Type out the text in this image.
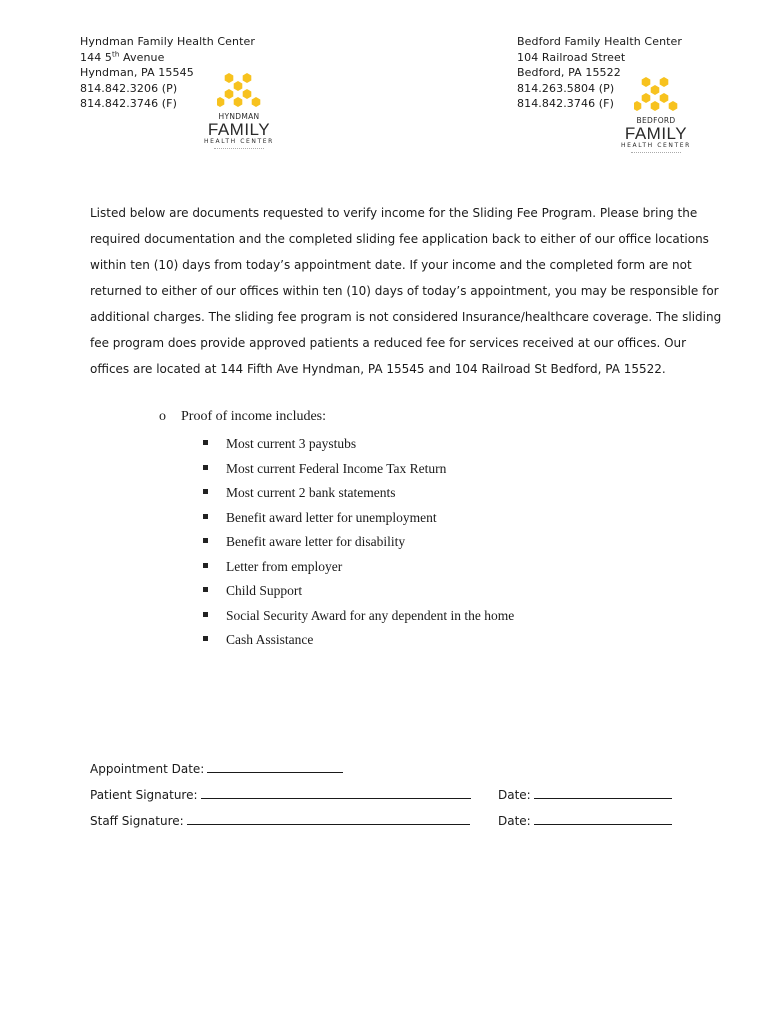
Hyndman Family Health Center
144 5th Avenue
Hyndman, PA 15545
814.842.3206 (P)
814.842.3746 (F)
Bedford Family Health Center
104 Railroad Street
Bedford, PA 15522
814.263.5804 (P)
814.842.3746 (F)
HYNDMAN
FAMILY
HEALTH CENTER
BEDFORD
FAMILY
HEALTH CENTER
Listed below are documents requested to verify income for the Sliding Fee Program. Please bring the
required documentation and the completed sliding fee application back to either of our office locations
within ten (10) days from today’s appointment date. If your income and the completed form are not
returned to either of our offices within ten (10) days of today’s appointment, you may be responsible for
additional charges. The sliding fee program is not considered Insurance/healthcare coverage. The sliding
fee program does provide approved patients a reduced fee for services received at our offices. Our
offices are located at 144 Fifth Ave Hyndman, PA 15545 and 104 Railroad St Bedford, PA 15522.
o Proof of income includes:
Most current 3 paystubs
Most current Federal Income Tax Return
Most current 2 bank statements
Benefit award letter for unemployment
Benefit aware letter for disability
Letter from employer
Child Support
Social Security Award for any dependent in the home
Cash Assistance
Appointment Date:
Patient Signature:	Date:
Staff Signature:	Date:
